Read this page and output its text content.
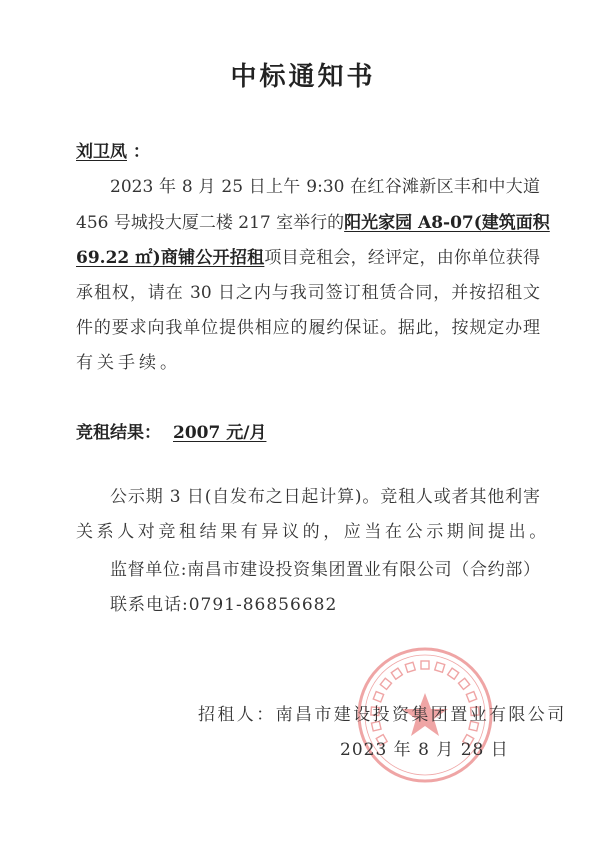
中标通知书
刘卫凤 ：
2023 年 8 月 25 日上午 9:30 在红谷滩新区丰和中大道
456 号城投大厦二楼 217 室举行的阳光家园 A8-07(建筑面积
69.22 ㎡)商铺公开招租项目竞租会，经评定，由你单位获得
承租权，请在 30 日之内与我司签订租赁合同，并按招租文
件的要求向我单位提供相应的履约保证。据此，按规定办理
有关手续。
竞租结果： 2007 元/月
公示期 3 日(自发布之日起计算)。竞租人或者其他利害
关系人对竞租结果有异议的，应当在公示期间提出。
监督单位:南昌市建设投资集团置业有限公司（合约部）
联系电话:0791-86856682
招租人：南昌市建设投资集团置业有限公司
2023 年 8 月 28 日
